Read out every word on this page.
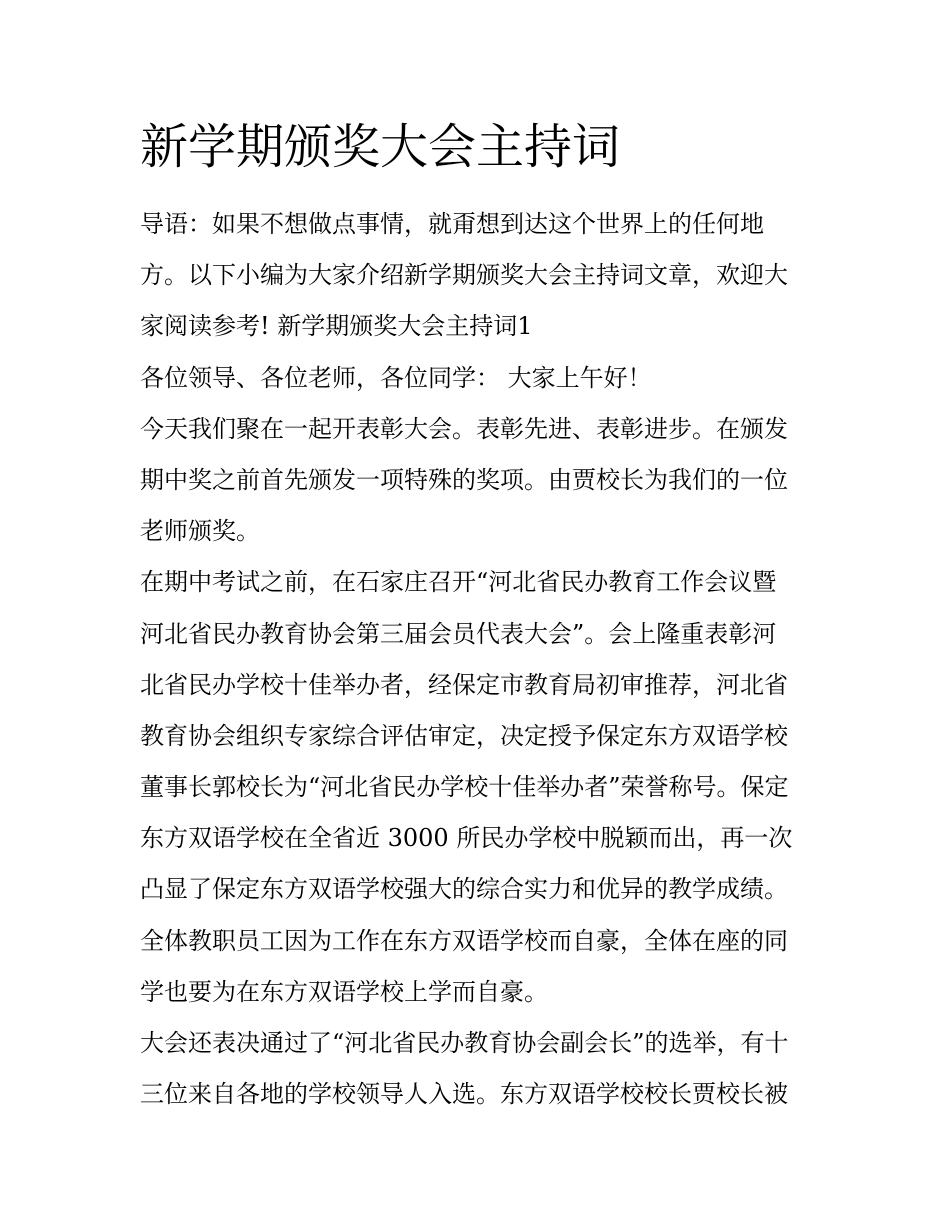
新学期颁奖大会主持词
导语：如果不想做点事情，就甭想到达这个世界上的任何地
方。以下小编为大家介绍新学期颁奖大会主持词文章，欢迎大
家阅读参考! 新学期颁奖大会主持词1
各位领导、各位老师，各位同学： 大家上午好！
今天我们聚在一起开表彰大会。表彰先进、表彰进步。在颁发
期中奖之前首先颁发一项特殊的奖项。由贾校长为我们的一位
老师颁奖。
在期中考试之前，在石家庄召开“河北省民办教育工作会议暨
河北省民办教育协会第三届会员代表大会”。会上隆重表彰河
北省民办学校十佳举办者，经保定市教育局初审推荐，河北省
教育协会组织专家综合评估审定，决定授予保定东方双语学校
董事长郭校长为“河北省民办学校十佳举办者”荣誉称号。保定
东方双语学校在全省近 3000 所民办学校中脱颖而出，再一次
凸显了保定东方双语学校强大的综合实力和优异的教学成绩。
全体教职员工因为工作在东方双语学校而自豪，全体在座的同
学也要为在东方双语学校上学而自豪。
大会还表决通过了“河北省民办教育协会副会长”的选举，有十
三位来自各地的学校领导人入选。东方双语学校校长贾校长被
